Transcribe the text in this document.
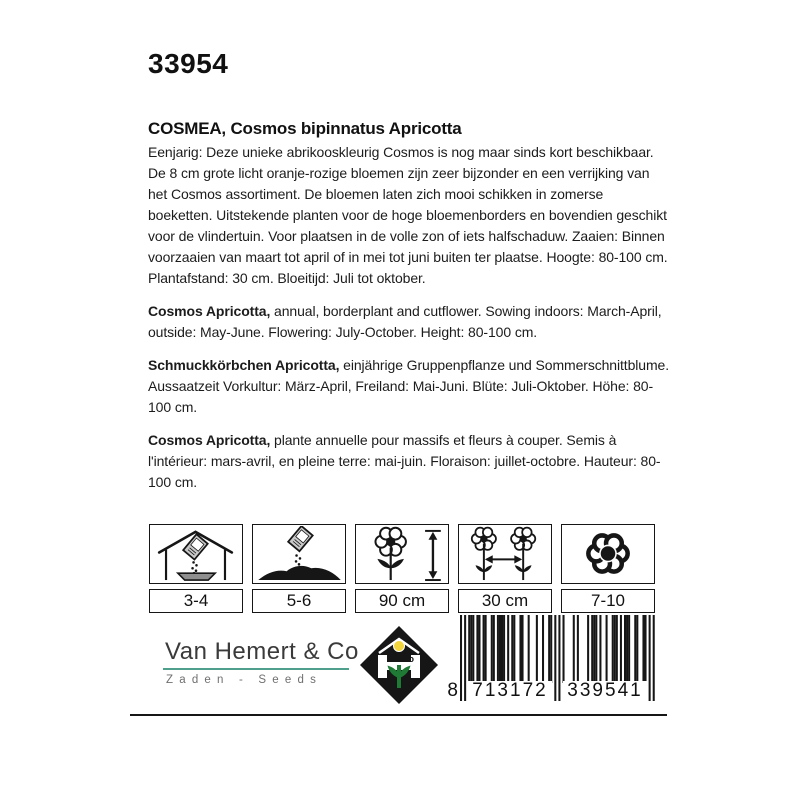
33954
COSMEA, Cosmos bipinnatus Apricotta

Eenjarig: Deze unieke abrikooskleurig Cosmos is nog maar sinds kort beschikbaar. De 8 cm grote licht oranje-rozige bloemen zijn zeer bijzonder en een verrijking van het Cosmos assortiment. De bloemen laten zich mooi schikken in zomerse boeketten. Uitstekende planten voor de hoge bloemenborders en bovendien geschikt voor de vlindertuin. Voor plaatsen in de volle zon of iets halfschaduw. Zaaien: Binnen voorzaaien van maart tot april of in mei tot juni buiten ter plaatse. Hoogte: 80-100 cm. Plantafstand: 30 cm. Bloeitijd: Juli tot oktober.

Cosmos Apricotta, annual, borderplant and cutflower. Sowing indoors: March-April, outside: May-June. Flowering: July-October. Height: 80-100 cm.

Schmuckkörbchen Apricotta, einjährige Gruppenpflanze und Sommerschnittblume. Aussaatzeit Vorkultur: März-April, Freiland: Mai-Juni. Blüte: Juli-Oktober. Höhe: 80-100 cm.

Cosmos Apricotta, plante annuelle pour massifs et fleurs à couper. Semis à l'intérieur: mars-avril, en pleine terre: mai-juin. Floraison: juillet-octobre. Hauteur: 80-100 cm.

3-4	5-6	90 cm	30 cm	7-10
Van Hemert & Co
Zaden - Seeds
Co
8 713172 339541
